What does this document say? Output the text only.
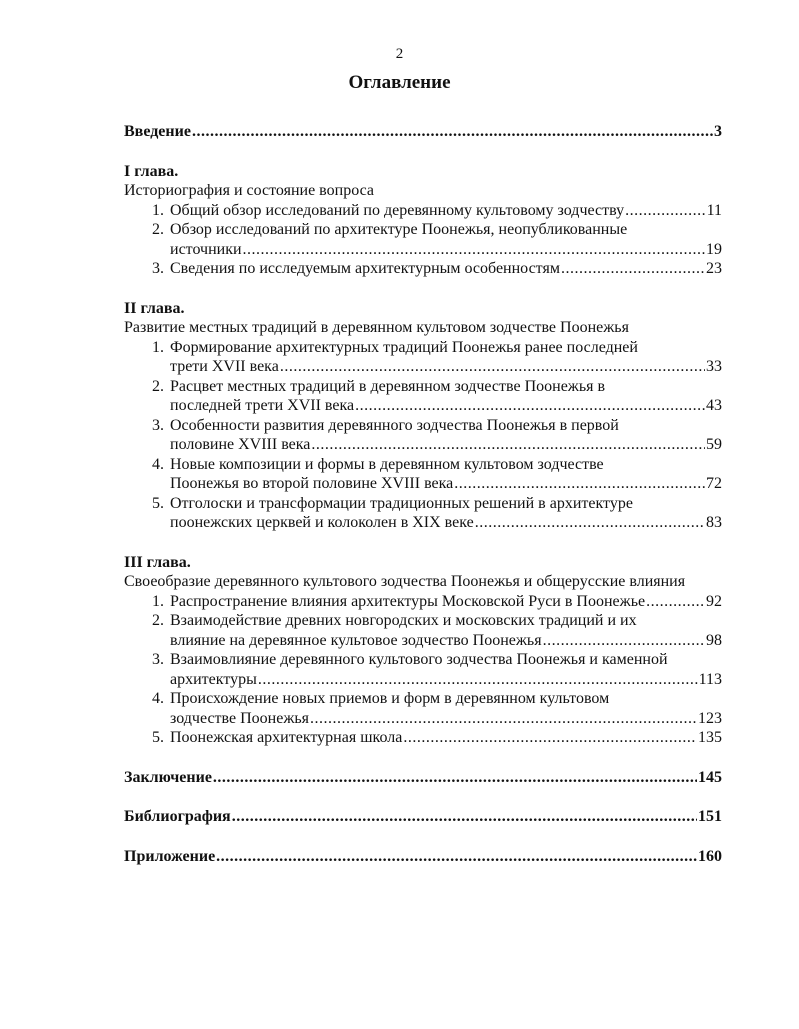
2
Оглавление
Введение .....	3
I глава.
Историография и состояние вопроса
1. Общий обзор исследований по деревянному культовому зодчеству .....	11
2. Обзор исследований по архитектуре Поонежья, неопубликованные
источники .....	19
3. Сведения по исследуемым архитектурным особенностям .....	23
II глава.
Развитие местных традиций в деревянном культовом зодчестве Поонежья
1. Формирование архитектурных традиций Поонежья ранее последней
трети XVII века .....	33
2. Расцвет местных традиций в деревянном зодчестве Поонежья в
последней трети XVII века .....	43
3. Особенности развития деревянного зодчества Поонежья в первой
половине XVIII века .....	59
4. Новые композиции и формы в деревянном культовом зодчестве
Поонежья во второй половине XVIII века .....	72
5. Отголоски и трансформации традиционных решений в архитектуре
поонежских церквей и колоколен в XIX веке .....	83
III глава.
Своеобразие деревянного культового зодчества Поонежья и общерусские влияния
1. Распространение влияния архитектуры Московской Руси в Поонежье .....	92
2. Взаимодействие древних новгородских и московских традиций и их
влияние на деревянное культовое зодчество Поонежья .....	98
3. Взаимовлияние деревянного культового зодчества Поонежья и каменной
архитектуры .....	113
4. Происхождение новых приемов и форм в деревянном культовом
зодчестве Поонежья .....	123
5. Поонежская архитектурная школа .....	135
Заключение .....	145
Библиография .....	151
Приложение .....	160
